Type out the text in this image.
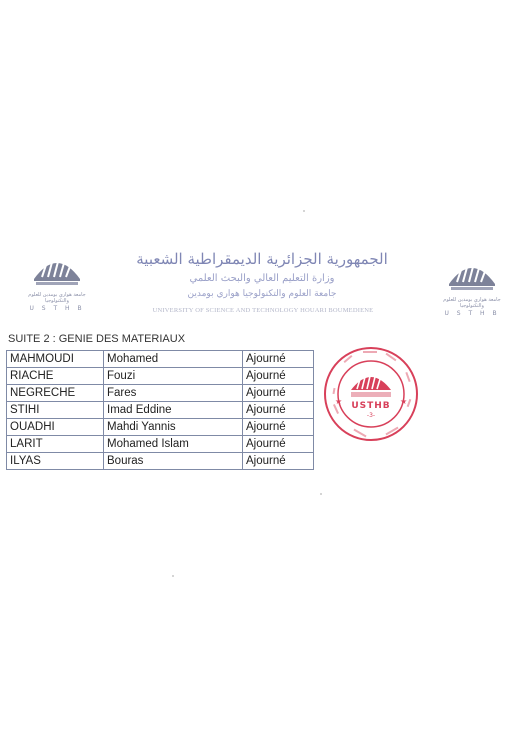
جامعة هواري بومدين للعلوم والتكنولوجيا
U S T H B
جامعة هواري بومدين للعلوم والتكنولوجيا
U S T H B
الجمهورية الجزائرية الديمقراطية الشعبية
وزارة التعليم العالي والبحث العلمي
جامعة العلوم والتكنولوجيا هواري بومدين
UNIVERSITY OF SCIENCE AND TECHNOLOGY HOUARI BOUMEDIENE
SUITE 2 : GENIE DES MATERIAUX
MAHMOUDI	Mohamed	Ajourné
RIACHE	Fouzi	Ajourné
NEGRECHE	Fares	Ajourné
STIHI	Imad Eddine	Ajourné
OUADHI	Mahdi Yannis	Ajourné
LARIT	Mohamed Islam	Ajourné
ILYAS	Bouras	Ajourné
★	★
USTHB
-3-
